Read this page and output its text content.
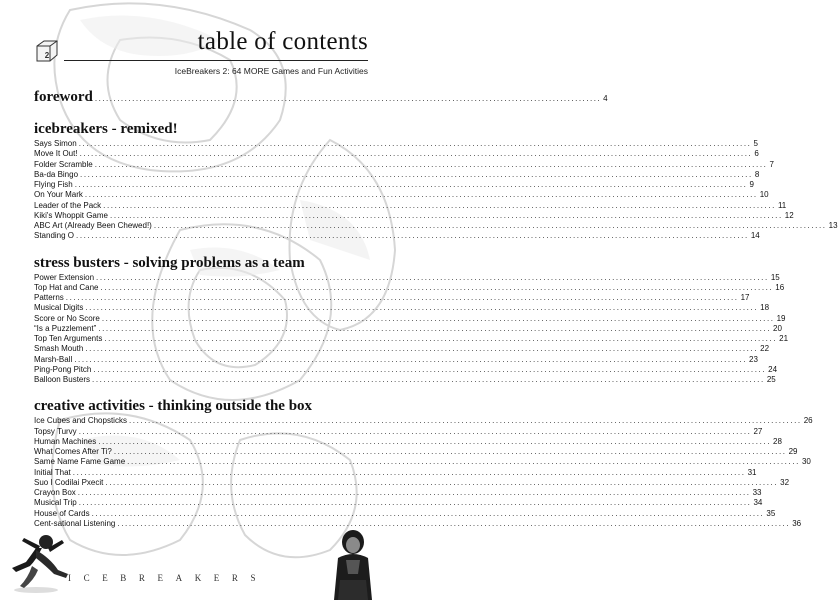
2
table of contents
IceBreakers 2: 64 MORE Games and Fun Activities
foreword ........................................................................................................................................ 4
icebreakers - remixed!
Says Simon ................................................................................................................................................................................ 5
Move It Out! ................................................................................................................................................................................ 6
Folder Scramble ................................................................................................................................................................................ 7
Ba-da Bingo ................................................................................................................................................................................ 8
Flying Fish ................................................................................................................................................................................ 9
On Your Mark ................................................................................................................................................................................ 10
Leader of the Pack ................................................................................................................................................................................ 11
Kiki's Whoppit Game ................................................................................................................................................................................ 12
ABC Art (Already Been Chewed!) ................................................................................................................................................................................ 13
Standing O ................................................................................................................................................................................ 14
stress busters - solving problems as a team
Power Extension ................................................................................................................................................................................ 15
Top Hat and Cane ................................................................................................................................................................................ 16
Patterns ................................................................................................................................................................................ 17
Musical Digits ................................................................................................................................................................................ 18
Score or No Score ................................................................................................................................................................................ 19
“Is a Puzzlement” ................................................................................................................................................................................ 20
Top Ten Arguments ................................................................................................................................................................................ 21
Smash Mouth ................................................................................................................................................................................ 22
Marsh-Ball ................................................................................................................................................................................ 23
Ping-Pong Pitch ................................................................................................................................................................................ 24
Balloon Busters ................................................................................................................................................................................ 25
creative activities - thinking outside the box
Ice Cubes and Chopsticks ................................................................................................................................................................................ 26
Topsy Turvy ................................................................................................................................................................................ 27
Human Machines ................................................................................................................................................................................ 28
What Comes After Ti? ................................................................................................................................................................................ 29
Same Name Fame Game ................................................................................................................................................................................ 30
Initial That ................................................................................................................................................................................ 31
Suo I Codilai Pxecit ................................................................................................................................................................................ 32
Crayon Box ................................................................................................................................................................................ 33
Musical Trip ................................................................................................................................................................................ 34
House of Cards ................................................................................................................................................................................ 35
Cent-sational Listening ................................................................................................................................................................................ 36
ICEBREAKERS
